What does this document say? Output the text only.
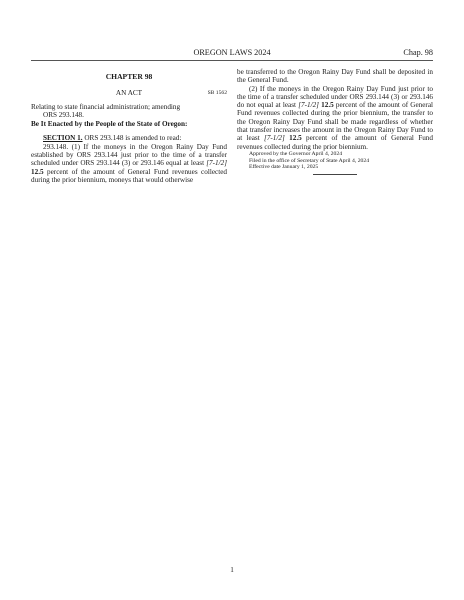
OREGON LAWS 2024	Chap. 98
CHAPTER 98
AN ACT	SB 1562

Relating to state financial administration; amending

ORS 293.148.

Be It Enacted by the People of the State of Oregon:

SECTION 1. ORS 293.148 is amended to read:

293.148. (1) If the moneys in the Oregon Rainy Day Fund established by ORS 293.144 just prior to the time of a transfer scheduled under ORS 293.144 (3) or 293.146 equal at least [7-1/2] 12.5 percent of the amount of General Fund revenues collected during the prior biennium, moneys that would otherwise

be transferred to the Oregon Rainy Day Fund shall be deposited in the General Fund.

(2) If the moneys in the Oregon Rainy Day Fund just prior to the time of a transfer scheduled under ORS 293.144 (3) or 293.146 do not equal at least [7-1/2] 12.5 percent of the amount of General Fund revenues collected during the prior biennium, the transfer to the Oregon Rainy Day Fund shall be made regardless of whether that transfer increases the amount in the Oregon Rainy Day Fund to at least [7-1/2] 12.5 percent of the amount of General Fund revenues collected during the prior biennium.

Approved by the Governor April 4, 2024
Filed in the office of Secretary of State April 4, 2024
Effective date January 1, 2025
1
